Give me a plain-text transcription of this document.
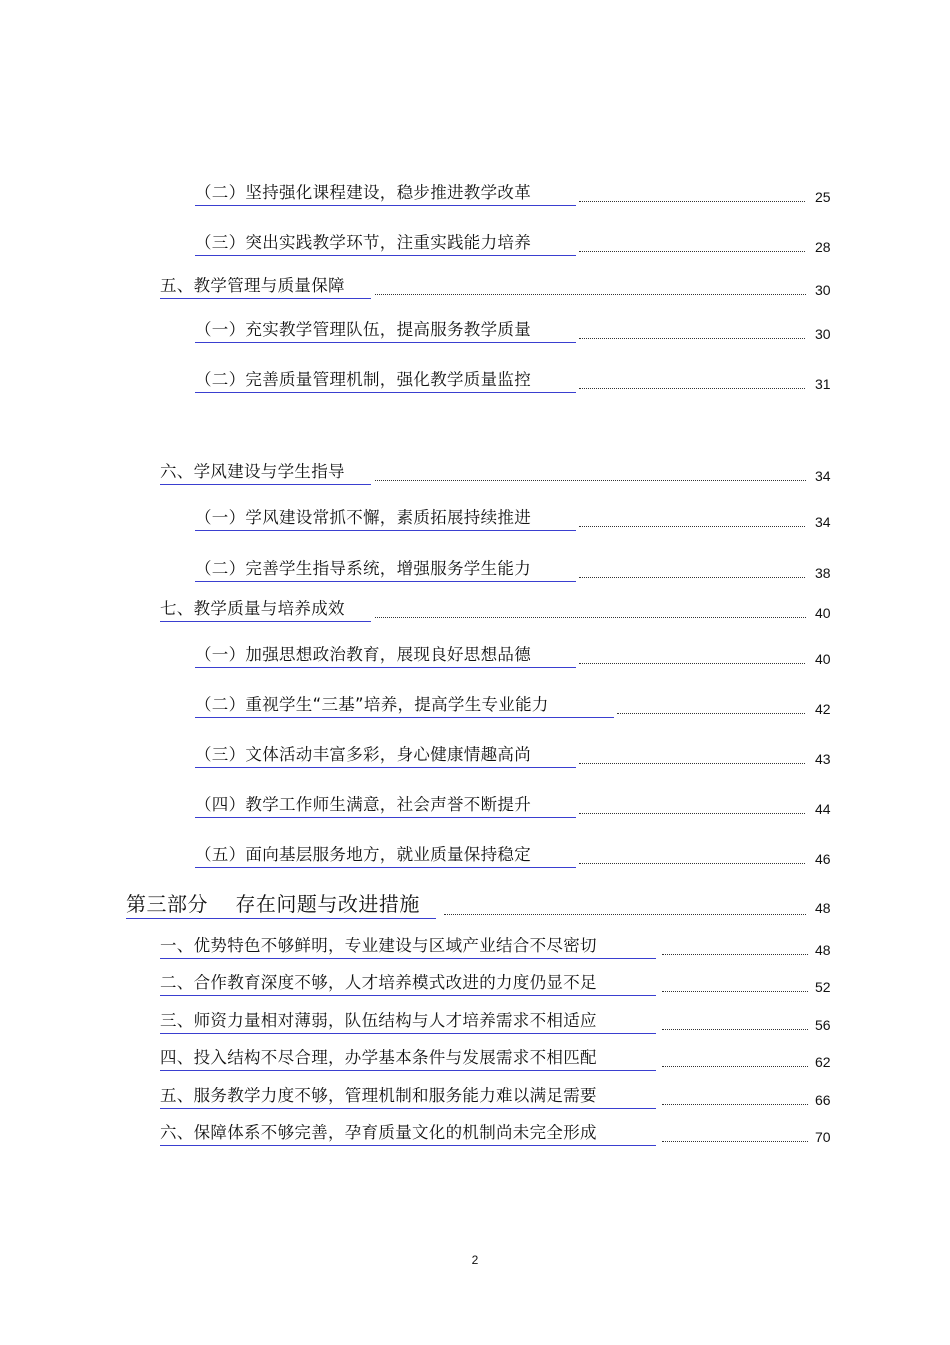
（二）坚持强化课程建设，稳步推进教学改革	25
（三）突出实践教学环节，注重实践能力培养	28
五、教学管理与质量保障	30
（一）充实教学管理队伍，提高服务教学质量	30
（二）完善质量管理机制，强化教学质量监控	31
六、学风建设与学生指导	34
（一）学风建设常抓不懈，素质拓展持续推进	34
（二）完善学生指导系统，增强服务学生能力	38
七、教学质量与培养成效	40
（一）加强思想政治教育，展现良好思想品德	40
（二）重视学生“三基”培养，提高学生专业能力	42
（三）文体活动丰富多彩，身心健康情趣高尚	43
（四）教学工作师生满意，社会声誉不断提升	44
（五）面向基层服务地方，就业质量保持稳定	46
第三部分    存在问题与改进措施	48
一、优势特色不够鲜明，专业建设与区域产业结合不尽密切	48
二、合作教育深度不够，人才培养模式改进的力度仍显不足	52
三、师资力量相对薄弱，队伍结构与人才培养需求不相适应	56
四、投入结构不尽合理，办学基本条件与发展需求不相匹配	62
五、服务教学力度不够，管理机制和服务能力难以满足需要	66
六、保障体系不够完善，孕育质量文化的机制尚未完全形成	70
2
